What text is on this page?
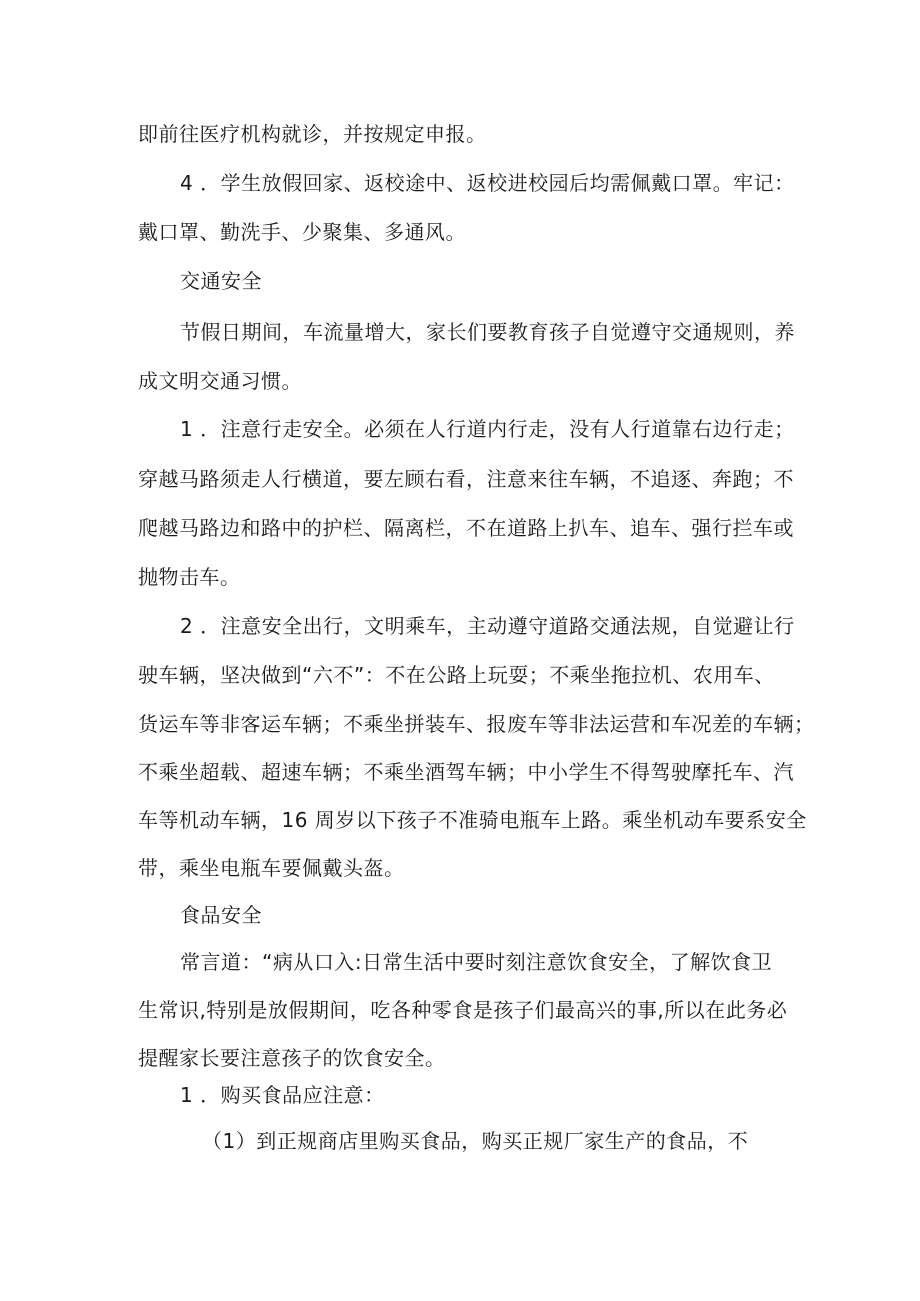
即前往医疗机构就诊，并按规定申报。
4 ．学生放假回家、返校途中、返校进校园后均需佩戴口罩。牢记：
戴口罩、勤洗手、少聚集、多通风。
交通安全
节假日期间，车流量增大，家长们要教育孩子自觉遵守交通规则，养
成文明交通习惯。
1 ．注意行走安全。必须在人行道内行走，没有人行道靠右边行走；
穿越马路须走人行横道，要左顾右看，注意来往车辆，不追逐、奔跑；不
爬越马路边和路中的护栏、隔离栏，不在道路上扒车、追车、强行拦车或
抛物击车。
2 ．注意安全出行，文明乘车，主动遵守道路交通法规，自觉避让行
驶车辆，坚决做到“六不”：不在公路上玩耍；不乘坐拖拉机、农用车、
货运车等非客运车辆；不乘坐拼装车、报废车等非法运营和车况差的车辆；
不乘坐超载、超速车辆；不乘坐酒驾车辆；中小学生不得驾驶摩托车、汽
车等机动车辆，16 周岁以下孩子不准骑电瓶车上路。乘坐机动车要系安全
带，乘坐电瓶车要佩戴头盔。
食品安全
常言道：“病从口入:日常生活中要时刻注意饮食安全，了解饮食卫
生常识,特别是放假期间，吃各种零食是孩子们最高兴的事,所以在此务必
提醒家长要注意孩子的饮食安全。
1 ．购买食品应注意：
（1）到正规商店里购买食品，购买正规厂家生产的食品，不
